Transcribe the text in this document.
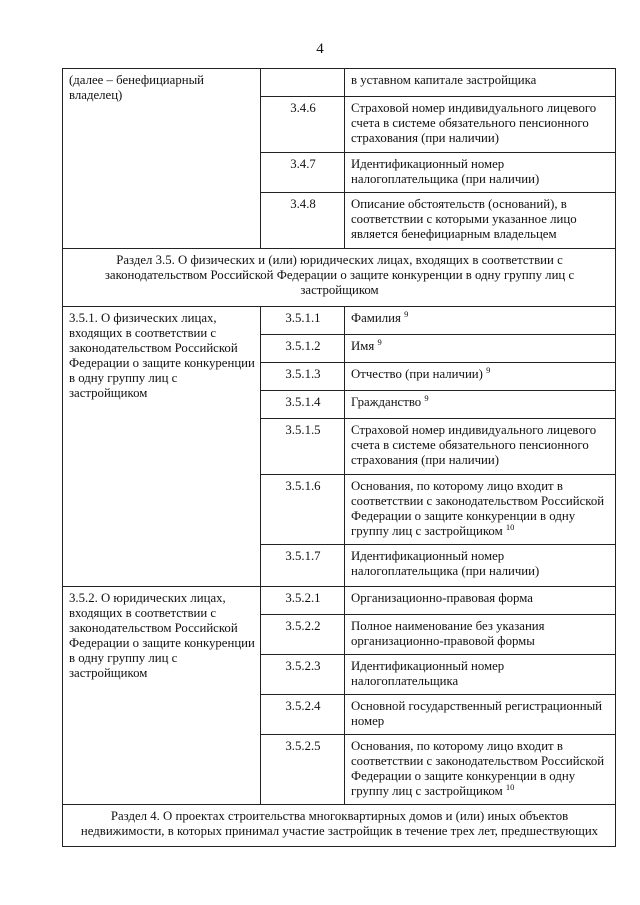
4
(далее – бенефициарный владелец)		в уставном капитале застройщика
	3.4.6	Страховой номер индивидуального лицевого счета в системе обязательного пенсионного страхования (при наличии)
	3.4.7	Идентификационный номер налогоплательщика (при наличии)
	3.4.8	Описание обстоятельств (оснований), в соответствии с которыми указанное лицо является бенефициарным владельцем
Раздел 3.5. О физических и (или) юридических лицах, входящих в соответствии с законодательством Российской Федерации о защите конкуренции в одну группу лиц с застройщиком		
3.5.1. О физических лицах, входящих в соответствии с законодательством Российской Федерации о защите конкуренции в одну группу лиц с застройщиком	3.5.1.1	Фамилия $^9$
	3.5.1.2	Имя $^9$
	3.5.1.3	Отчество (при наличии) $^9$
	3.5.1.4	Гражданство $^9$
	3.5.1.5	Страховой номер индивидуального лицевого счета в системе обязательного пенсионного страхования (при наличии)
	3.5.1.6	Основания, по которому лицо входит в соответствии с законодательством Российской Федерации о защите конкуренции в одну группу лиц с застройщиком $^{10}$
	3.5.1.7	Идентификационный номер налогоплательщика (при наличии)
3.5.2. О юридических лицах, входящих в соответствии с законодательством Российской Федерации о защите конкуренции в одну группу лиц с застройщиком	3.5.2.1	Организационно-правовая форма
	3.5.2.2	Полное наименование без указания организационно-правовой формы
	3.5.2.3	Идентификационный номер налогоплательщика
	3.5.2.4	Основной государственный регистрационный номер
	3.5.2.5	Основания, по которому лицо входит в соответствии с законодательством Российской Федерации о защите конкуренции в одну группу лиц с застройщиком $^{10}$
Раздел 4. О проектах строительства многоквартирных домов и (или) иных объектов недвижимости, в которых принимал участие застройщик в течение трех лет, предшествующих		
